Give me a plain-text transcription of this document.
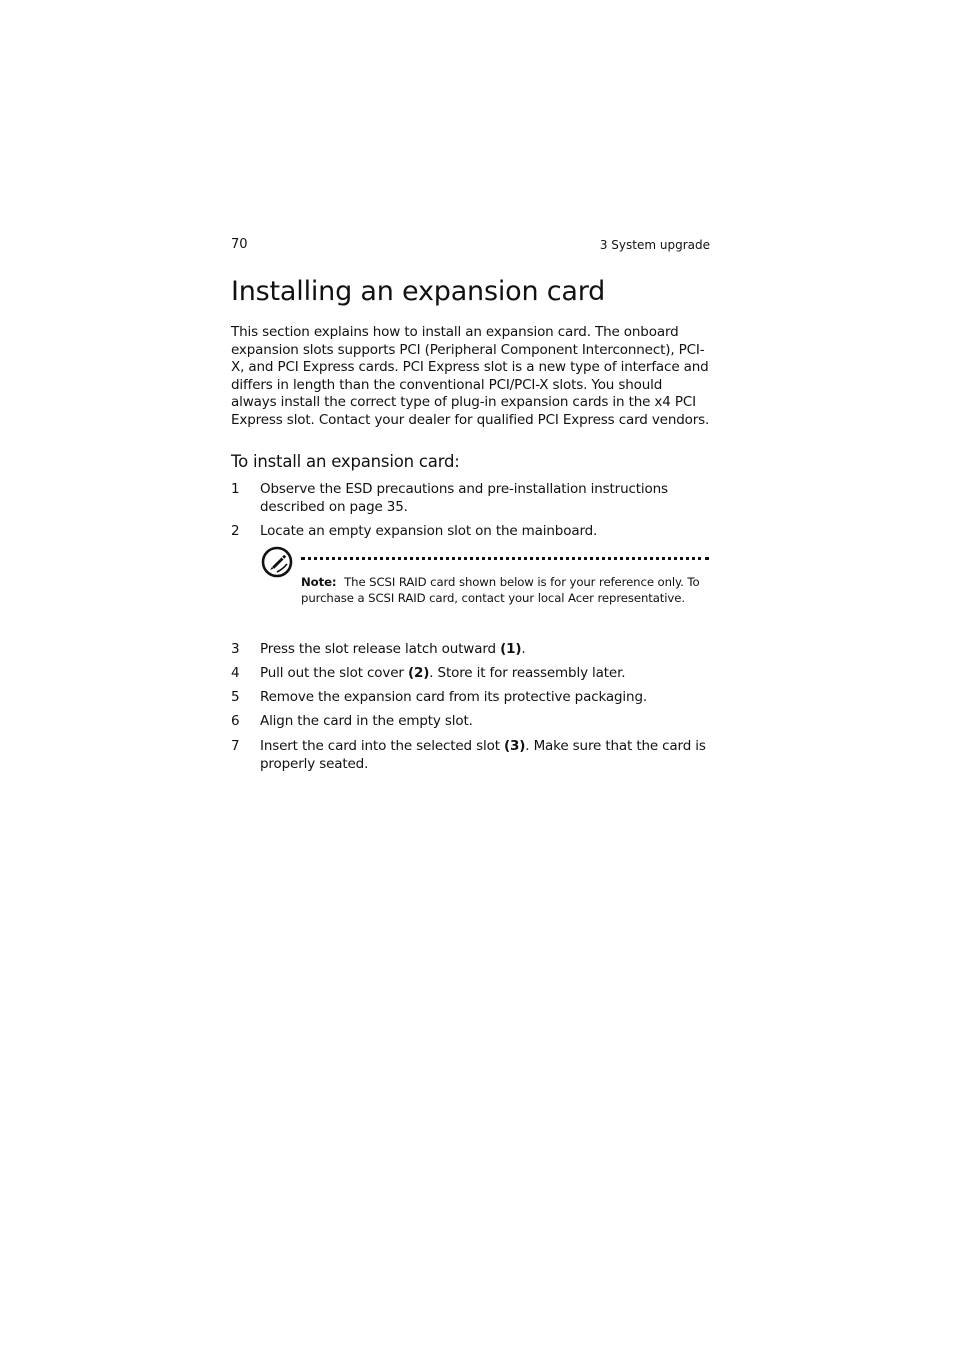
70	3 System upgrade
Installing an expansion card

This section explains how to install an expansion card. The onboard expansion slots supports PCI (Peripheral Component Interconnect), PCI-X, and PCI Express cards. PCI Express slot is a new type of interface and differs in length than the conventional PCI/PCI-X slots. You should always install the correct type of plug-in expansion cards in the x4 PCI Express slot. Contact your dealer for qualified PCI Express card vendors.

To install an expansion card:
1	Observe the ESD precautions and pre-installation instructions described on page 35.
2	Locate an empty expansion slot on the mainboard.
Note: The SCSI RAID card shown below is for your reference only. To purchase a SCSI RAID card, contact your local Acer representative.
3	Press the slot release latch outward (1).
4	Pull out the slot cover (2). Store it for reassembly later.
5	Remove the expansion card from its protective packaging.
6	Align the card in the empty slot.
7	Insert the card into the selected slot (3). Make sure that the card is properly seated.
